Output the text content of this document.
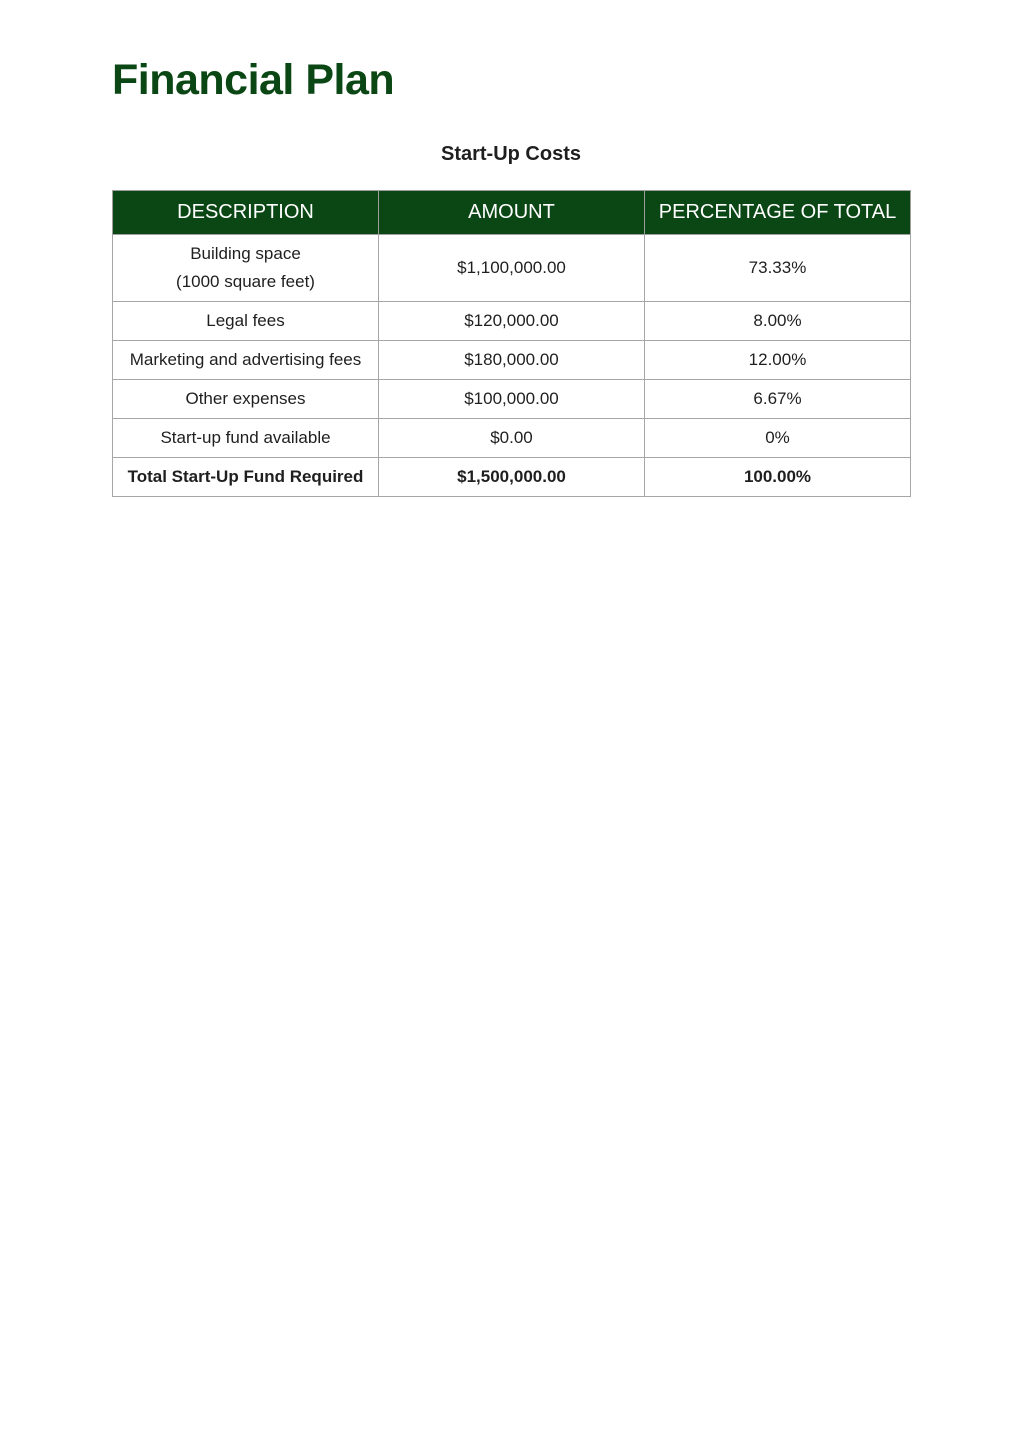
Financial Plan
Start-Up Costs
DESCRIPTION	AMOUNT	PERCENTAGE OF TOTAL

Building space
(1000 square feet)	$1,100,000.00	73.33%
Legal fees	$120,000.00	8.00%
Marketing and advertising fees	$180,000.00	12.00%
Other expenses	$100,000.00	6.67%
Start-up fund available	$0.00	0%
Total Start-Up Fund Required	$1,500,000.00	100.00%
